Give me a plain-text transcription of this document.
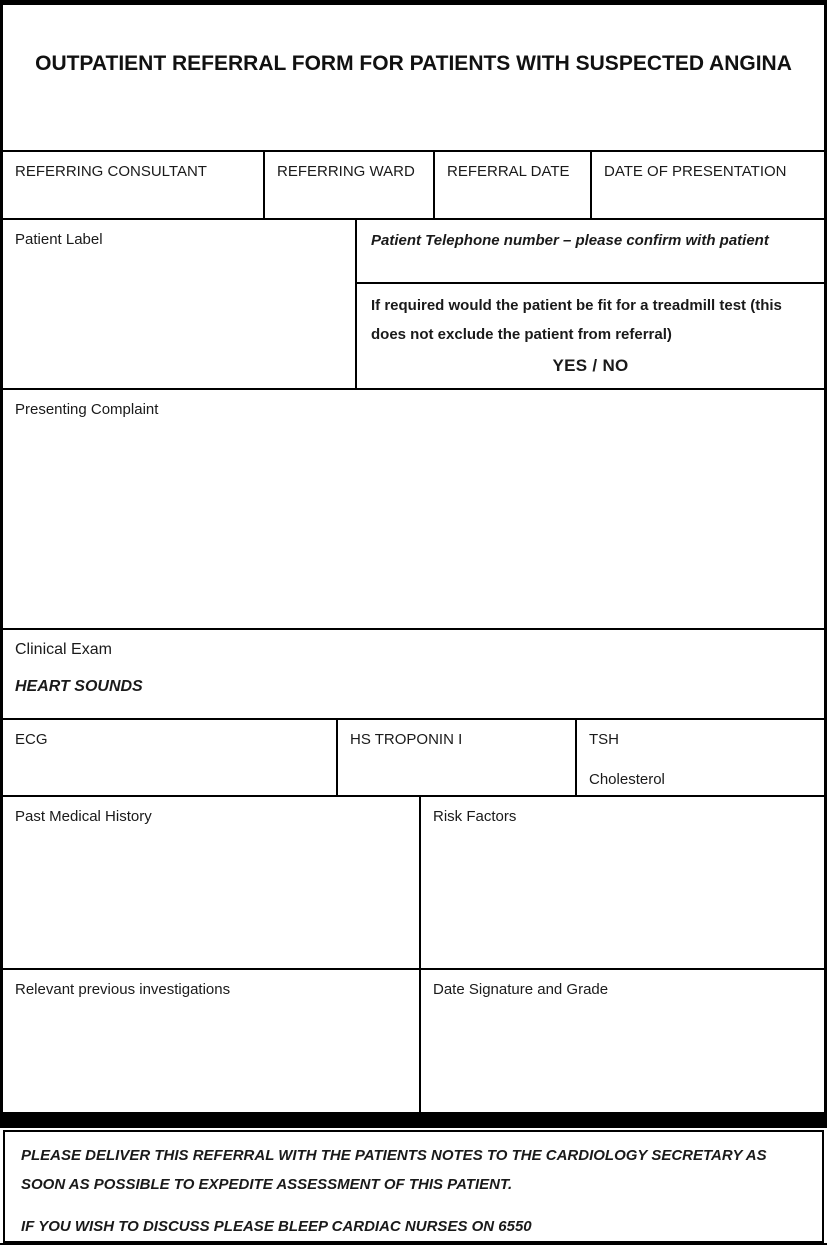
OUTPATIENT REFERRAL FORM FOR PATIENTS WITH SUSPECTED ANGINA
REFERRING CONSULTANT	REFERRING WARD	REFERRAL DATE	DATE OF PRESENTATION
Patient Label	Patient Telephone number – please confirm with patient
If required would the patient be fit for a treadmill test (this does not exclude the patient from referral)
YES / NO
Presenting Complaint
Clinical Exam
HEART SOUNDS
ECG	HS TROPONIN I	TSH
Cholesterol
Past Medical History	Risk Factors
Relevant previous investigations	Date Signature and Grade

PLEASE DELIVER THIS REFERRAL WITH THE PATIENTS NOTES TO THE CARDIOLOGY SECRETARY AS SOON AS POSSIBLE TO EXPEDITE ASSESSMENT OF THIS PATIENT.

IF YOU WISH TO DISCUSS PLEASE BLEEP CARDIAC NURSES ON 6550
